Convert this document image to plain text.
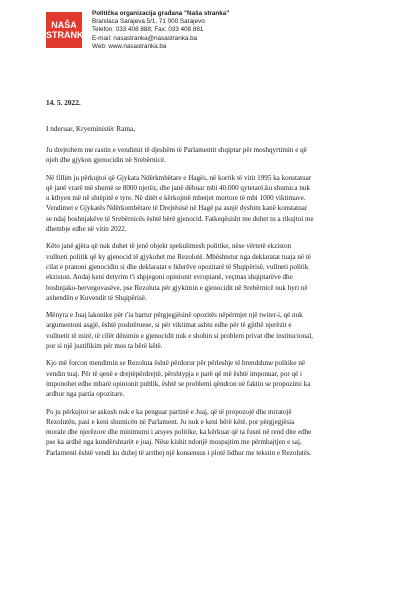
NAŠA
STRANKA
Politička organizacija građana "Naša stranka"
Branilaca Sarajeva 5/1, 71 000 Sarajevo
Telefon: 033 408 888; Fax: 033 408 881
E-mail: nasastranka@nasastranka.ba
Web: www.nasastranka.ba
14. 5. 2022.
I nderuar, Kryeministër Rama,

Ju drejtohem me rastin e vendimit të djeshëm të Parlamentit shqiptar për moshqyrtimin e që
njeh dhe gjykon gjenocidin në Srebërnicë.

Në fillim ju përkujtoi që Gjykata Ndërkmbëtare e Hagës, në korrik të vitit 1995 ka konstatuar
që janë vrarë më shumë se 8000 njerëz, dhe janë dëbuar mbi 40.000 qytetarë,ku shumica nuk
u kthyen më në shtëpitë e tyre. Në ditët e kërkojmë mbetjet mortore të mbi 1000 viktimave.
Vendimet e Gjykatës Ndërkombëtare të Drejtësisë në Hagë pa asnjë dyshim kanë konstatuar
se ndaj boshnjakëve të Srebërnicës është bërë gjenocid. Fatkeqësisht me duhet tu a rikujtoi me
dhembje edhe në vitin 2022.

Këto janë gjëra që nuk duhet të jenë objekt spekulimesh politike, nëse vërtetë ekziston
vullneti politik që ky gjenocid të gjykohet me Rezolutë. Mbështetur nga deklaratat tuaja në të
cilat e pranoni gjenocidin si dhe deklaratat e liderëve opozitarë të Shqipërisë, vullneti politik
ekziston. Andaj keni detyrim t'i shpjegoni opinionit evropianë, veçmas shqiptarëve dhe
boshnjako-hervegovasëve, pse Rezoluta për gjykimin e gjenocidit në Srebërnicë nuk hyri në
axhendën e Kuvendit të Shqipërisë.

Mënyra e Juaj lakonike për t'ia bartur përgjegjësinë opozitës nëpërmjet një twiter-i, që nuk
argumentoni asgjë, është poshtëruese, si për viktimat ashtu edhe për të gjithë njerëzit e
vullnetit të mirë, të cilët dënimin e gjenocidit nuk e shohin si problem privat dhe institucional,
por si një justifikim për mos ta bërë këtë.

Kjo më forcon mendimin se Rezoluta është përdorur për përleshje të brendshme politike në
vendin tuaj. Për të qenë e drejtëpërdrejtë, përshtypja e parë që më është imponuar, por që i
imponohet edhe mbarë opinionit publik, është se problemi qëndron në faktin se propozimi ka
ardhur nga partia opozitare.

Po ju përkujtoi se askush nuk e ka penguar partinë e Juaj, që të propozojë dhe miratojë
Rezolutën, pasi e keni shumicën në Parlament. Ju nuk e keni bërë këtë, por përgjegjësia
morale dhe njerëzore dhe minimumi i arsyes politike, ka kërkuar që ta fusni në rend dite edhe
pse ka ardhë nga kundërshtarët e juaj. Nëse kishit ndonjë mospajtim me përmbajtjen e saj,
Parlamenti është vendi ku duhej të arrihej një konsensus i plotë lidhur me tekstin e Rezolutës.
